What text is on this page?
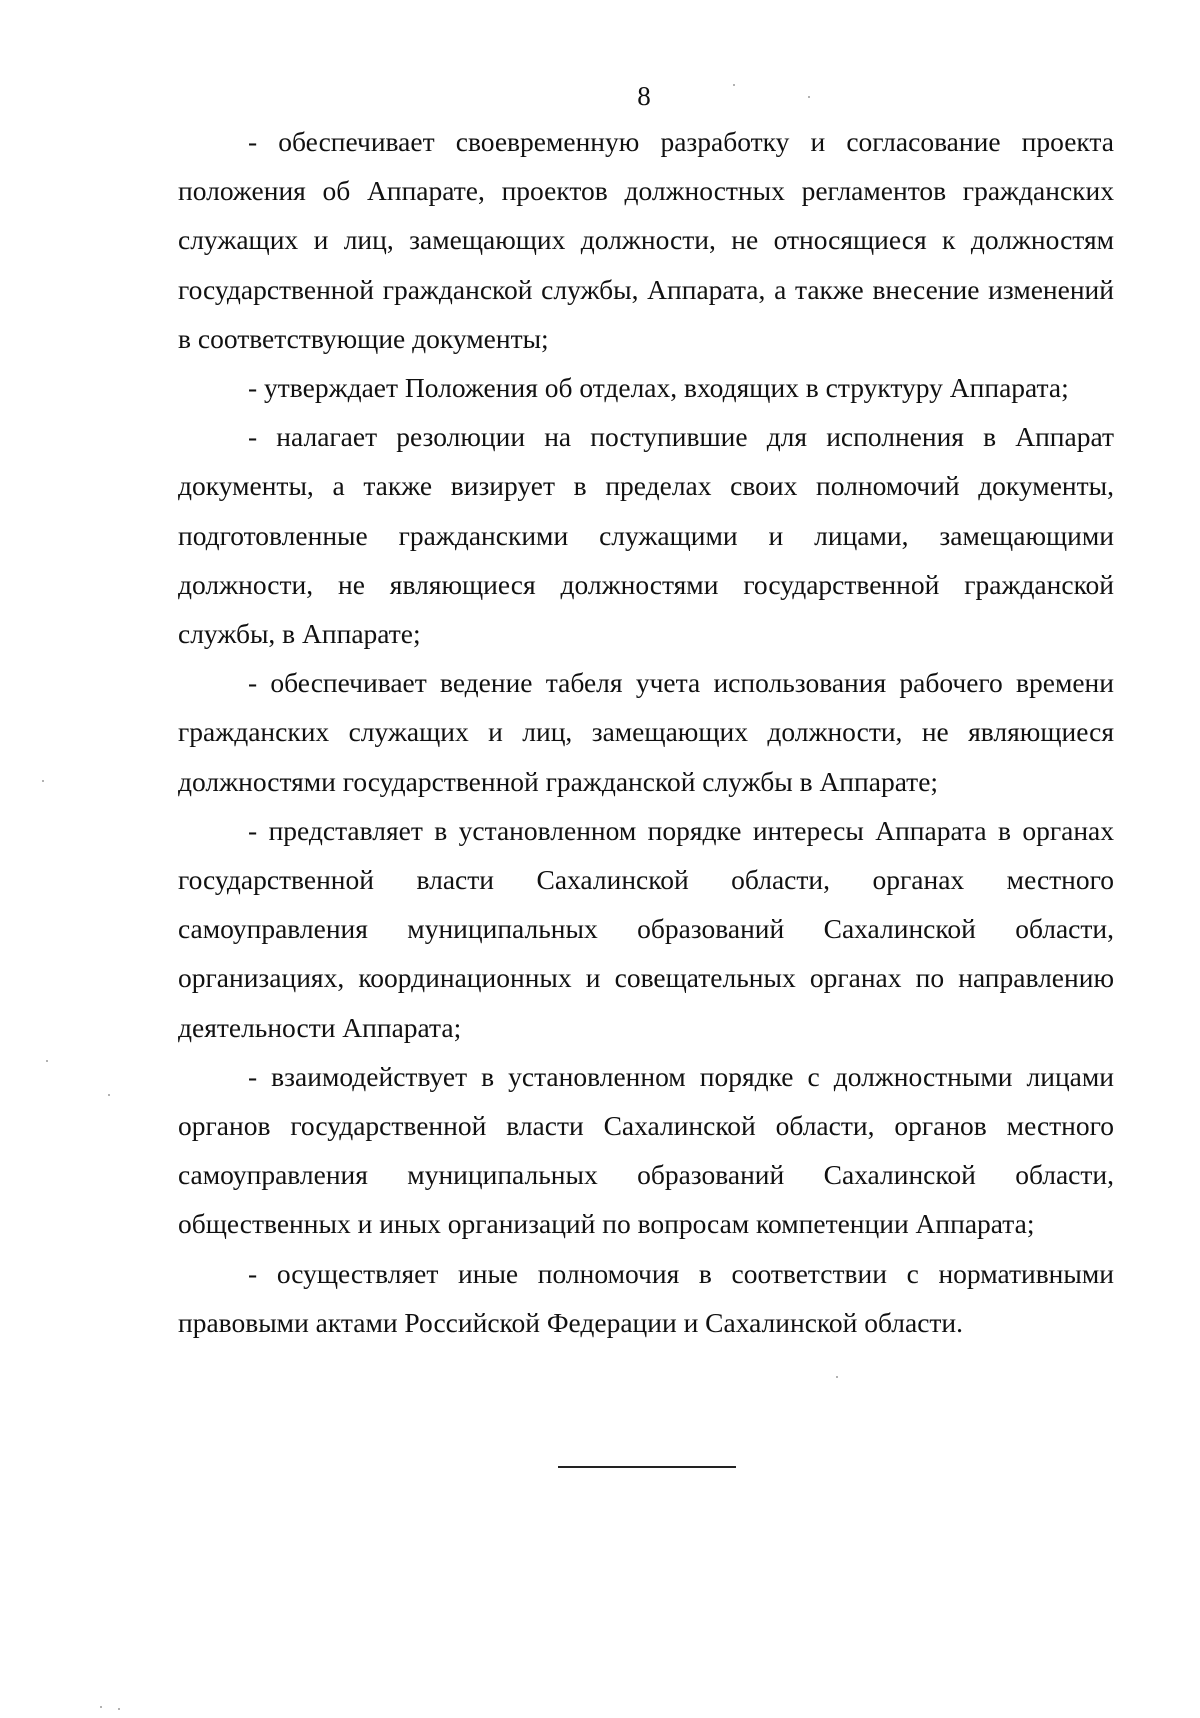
8

- обеспечивает своевременную разработку и согласование проекта положения об Аппарате, проектов должностных регламентов гражданских служащих и лиц, замещающих должности, не относящиеся к должностям государственной гражданской службы, Аппарата, а также внесение изменений в соответствующие документы;

- утверждает Положения об отделах, входящих в структуру Аппарата;

- налагает резолюции на поступившие для исполнения в Аппарат документы, а также визирует в пределах своих полномочий документы, подготовленные гражданскими служащими и лицами, замещающими должности, не являющиеся должностями государственной гражданской службы, в Аппарате;

- обеспечивает ведение табеля учета использования рабочего времени гражданских служащих и лиц, замещающих должности, не являющиеся должностями государственной гражданской службы в Аппарате;

- представляет в установленном порядке интересы Аппарата в органах государственной власти Сахалинской области, органах местного самоуправления муниципальных образований Сахалинской области, организациях, координационных и совещательных органах по направлению деятельности Аппарата;

- взаимодействует в установленном порядке с должностными лицами органов государственной власти Сахалинской области, органов местного самоуправления муниципальных образований Сахалинской области, общественных и иных организаций по вопросам компетенции Аппарата;

- осуществляет иные полномочия в соответствии с нормативными правовыми актами Российской Федерации и Сахалинской области.
